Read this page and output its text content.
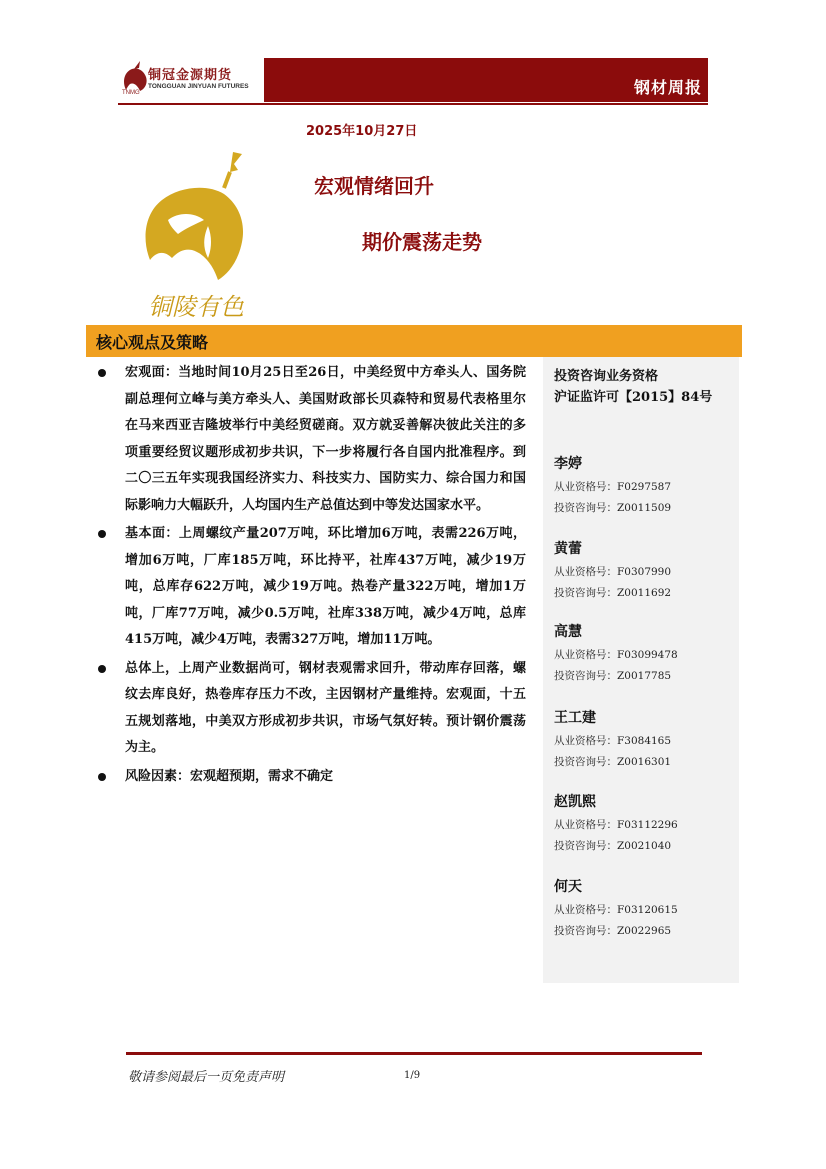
铜冠金源期货
TONGGUAN JINYUAN FUTURES
TNMG	钢材周报
2025年10月27日
铜陵有色
宏观情绪回升
期价震荡走势
核心观点及策略
宏观面：当地时间10月25日至26日，中美经贸中方牵头人、国务院副总理何立峰与美方牵头人、美国财政部长贝森特和贸易代表格里尔在马来西亚吉隆坡举行中美经贸磋商。双方就妥善解决彼此关注的多项重要经贸议题形成初步共识，下一步将履行各自国内批准程序。到二〇三五年实现我国经济实力、科技实力、国防实力、综合国力和国际影响力大幅跃升，人均国内生产总值达到中等发达国家水平。
基本面：上周螺纹产量207万吨，环比增加6万吨，表需226万吨，增加6万吨，厂库185万吨，环比持平，社库437万吨，减少19万吨，总库存622万吨，减少19万吨。热卷产量322万吨，增加1万吨，厂库77万吨，减少0.5万吨，社库338万吨，减少4万吨，总库415万吨，减少4万吨，表需327万吨，增加11万吨。
总体上，上周产业数据尚可，钢材表观需求回升，带动库存回落，螺纹去库良好，热卷库存压力不改，主因钢材产量维持。宏观面，十五五规划落地，中美双方形成初步共识，市场气氛好转。预计钢价震荡为主。
风险因素：宏观超预期，需求不确定
投资咨询业务资格
沪证监许可【2015】84号
李婷
从业资格号：F0297587
投资咨询号：Z0011509
黄蕾
从业资格号：F0307990
投资咨询号：Z0011692
高慧
从业资格号：F03099478
投资咨询号：Z0017785
王工建
从业资格号：F3084165
投资咨询号：Z0016301
赵凯熙
从业资格号：F03112296
投资咨询号：Z0021040
何天
从业资格号：F03120615
投资咨询号：Z0022965
敬请参阅最后一页免责声明	1/9
